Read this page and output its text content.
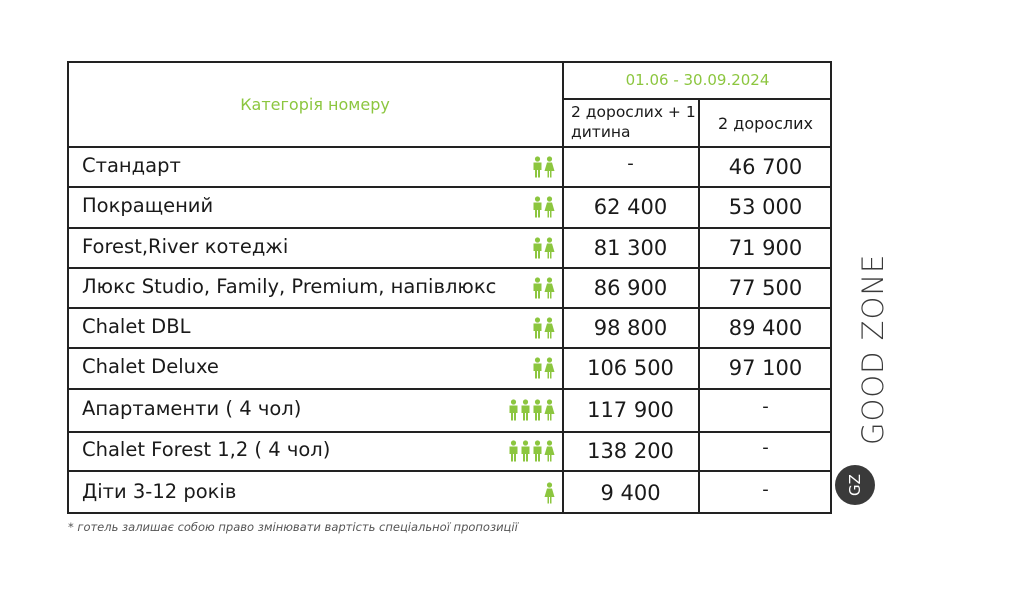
Категорія номеру
01.06 - 30.09.2024
2 дорослих + 1 дитина	2 дорослих
Стандарт	-	46 700
Покращений	62 400	53 000
Forest,River котеджі	81 300	71 900
Люкс Studio, Family, Premium, напівлюкс	86 900	77 500
Chalet DBL	98 800	89 400
Chalet Deluxe	106 500	97 100
Апартаменти ( 4 чол)	117 900	-
Chalet Forest 1,2 ( 4 чол)	138 200	-
Діти 3-12 років	9 400	-
* готель залишає собою право змінювати вартість спеціальної пропозиції
GOOD ZONE
GZ
